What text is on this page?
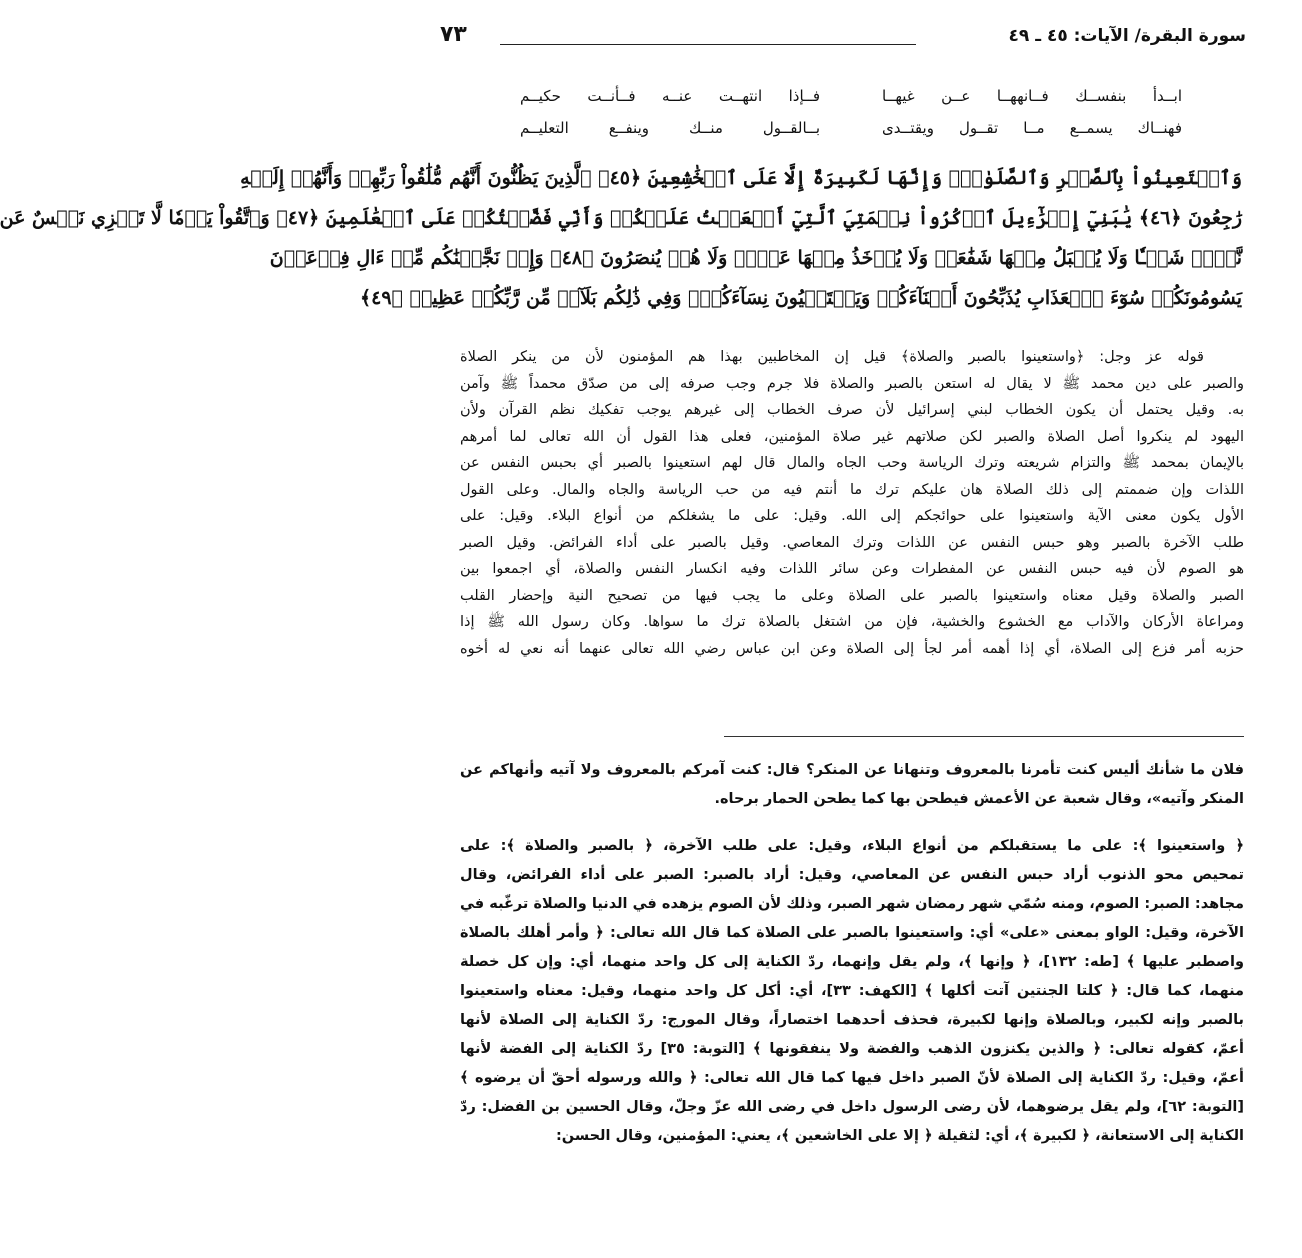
سورة البقرة/ الآيات: ٤٥ ـ ٤٩
٧٣
ابــدأ بنفســك فــانههــا عــن غيهــا
فــإذا انتهــت عنــه فــأنــت حكيــم
فهنــاك يسمــع مــا تقــول ويقتــدى
بــالقــول منــك وينفــع التعليــم
وَٱسۡتَعِينُواْ بِٱلصَّبۡرِ وَٱلصَّلَوٰةِۚ وَإِنَّهَا لَكَبِيرَةٌ إِلَّا عَلَى ٱلۡخَٰشِعِينَ ﴿٤٥﴾ ٱلَّذِينَ يَظُنُّونَ أَنَّهُم مُّلَٰقُواْ رَبِّهِمۡ وَأَنَّهُمۡ إِلَيۡهِ
رَٰجِعُونَ ﴿٤٦﴾ يَٰبَنِيٓ إِسۡرَٰٓءِيلَ ٱذۡكُرُواْ نِعۡمَتِيَ ٱلَّتِيٓ أَنۡعَمۡتُ عَلَيۡكُمۡ وَأَنِّي فَضَّلۡتُكُمۡ عَلَى ٱلۡعَٰلَمِينَ ﴿٤٧﴾ وَٱتَّقُواْ يَوۡمٗا لَّا تَجۡزِي نَفۡسٌ عَن
نَّفۡسٖ شَيۡـٔٗا وَلَا يُقۡبَلُ مِنۡهَا شَفَٰعَةٞ وَلَا يُؤۡخَذُ مِنۡهَا عَدۡلٞ وَلَا هُمۡ يُنصَرُونَ ﴿٤٨﴾ وَإِذۡ نَجَّيۡنَٰكُم مِّنۡ ءَالِ فِرۡعَوۡنَ
يَسُومُونَكُمۡ سُوٓءَ ٱلۡعَذَابِ يُذَبِّحُونَ أَبۡنَآءَكُمۡ وَيَسۡتَحۡيُونَ نِسَآءَكُمۡۚ وَفِي ذَٰلِكُم بَلَآءٞ مِّن رَّبِّكُمۡ عَظِيمٞ ﴿٤٩﴾
قوله عز وجل: ﴿واستعينوا بالصبر والصلاة﴾ قيل إن المخاطبين بهذا هم المؤمنون لأن من ينكر الصلاة
والصبر على دين محمد ﷺ لا يقال له استعن بالصبر والصلاة فلا جرم وجب صرفه إلى من صدّق محمداً ﷺ وآمن
به. وقيل يحتمل أن يكون الخطاب لبني إسرائيل لأن صرف الخطاب إلى غيرهم يوجب تفكيك نظم القرآن ولأن
اليهود لم ينكروا أصل الصلاة والصبر لكن صلاتهم غير صلاة المؤمنين، فعلى هذا القول أن الله تعالى لما أمرهم
بالإيمان بمحمد ﷺ والتزام شريعته وترك الرياسة وحب الجاه والمال قال لهم استعينوا بالصبر أي بحبس النفس عن
اللذات وإن ضممتم إلى ذلك الصلاة هان عليكم ترك ما أنتم فيه من حب الرياسة والجاه والمال. وعلى القول
الأول يكون معنى الآية واستعينوا على حوائجكم إلى الله. وقيل: على ما يشغلكم من أنواع البلاء. وقيل: على
طلب الآخرة بالصبر وهو حبس النفس عن اللذات وترك المعاصي. وقيل بالصبر على أداء الفرائض. وقيل الصبر
هو الصوم لأن فيه حبس النفس عن المفطرات وعن سائر اللذات وفيه انكسار النفس والصلاة، أي اجمعوا بين
الصبر والصلاة وقيل معناه واستعينوا بالصبر على الصلاة وعلى ما يجب فيها من تصحيح النية وإحضار القلب
ومراعاة الأركان والآداب مع الخشوع والخشية، فإن من اشتغل بالصلاة ترك ما سواها. وكان رسول الله ﷺ إذا
حزبه أمر فزع إلى الصلاة، أي إذا أهمه أمر لجأ إلى الصلاة وعن ابن عباس رضي الله تعالى عنهما أنه نعي له أخوه
فلان ما شأنك أليس كنت تأمرنا بالمعروف وتنهانا عن المنكر؟ قال: كنت آمركم بالمعروف ولا آتيه وأنهاكم عن
المنكر وآتيه»، وقال شعبة عن الأعمش فيطحن بها كما يطحن الحمار برحاه.
﴿ واستعينوا ﴾: على ما يستقبلكم من أنواع البلاء، وقيل: على طلب الآخرة، ﴿ بالصبر والصلاة ﴾: على
تمحيص محو الذنوب أراد حبس النفس عن المعاصي، وقيل: أراد بالصبر: الصبر على أداء الفرائض، وقال
مجاهد: الصبر: الصوم، ومنه سُمّي شهر رمضان شهر الصبر، وذلك لأن الصوم يزهده في الدنيا والصلاة ترغّبه في
الآخرة، وقيل: الواو بمعنى «على» أي: واستعينوا بالصبر على الصلاة كما قال الله تعالى: ﴿ وأمر أهلك بالصلاة
واصطبر عليها ﴾ [طه: ١٣٢]، ﴿ وإنها ﴾، ولم يقل وإنهما، ردّ الكناية إلى كل واحد منهما، أي: وإن كل خصلة
منهما، كما قال: ﴿ كلتا الجنتين آتت أكلها ﴾ [الكهف: ٣٣]، أي: أكل كل واحد منهما، وقيل: معناه واستعينوا
بالصبر وإنه لكبير، وبالصلاة وإنها لكبيرة، فحذف أحدهما اختصاراً، وقال المورج: ردّ الكناية إلى الصلاة لأنها
أعمّ، كقوله تعالى: ﴿ والذين يكنزون الذهب والفضة ولا ينفقونها ﴾ [التوبة: ٣٥] ردّ الكناية إلى الفضة لأنها
أعمّ، وقيل: ردّ الكناية إلى الصلاة لأنّ الصبر داخل فيها كما قال الله تعالى: ﴿ والله ورسوله أحقّ أن يرضوه ﴾
[التوبة: ٦٢]، ولم يقل يرضوهما، لأن رضى الرسول داخل في رضى الله عزّ وجلّ، وقال الحسين بن الفضل: ردّ
الكناية إلى الاستعانة، ﴿ لكبيرة ﴾، أي: لثقيلة ﴿ إلا على الخاشعين ﴾، يعني: المؤمنين، وقال الحسن:
